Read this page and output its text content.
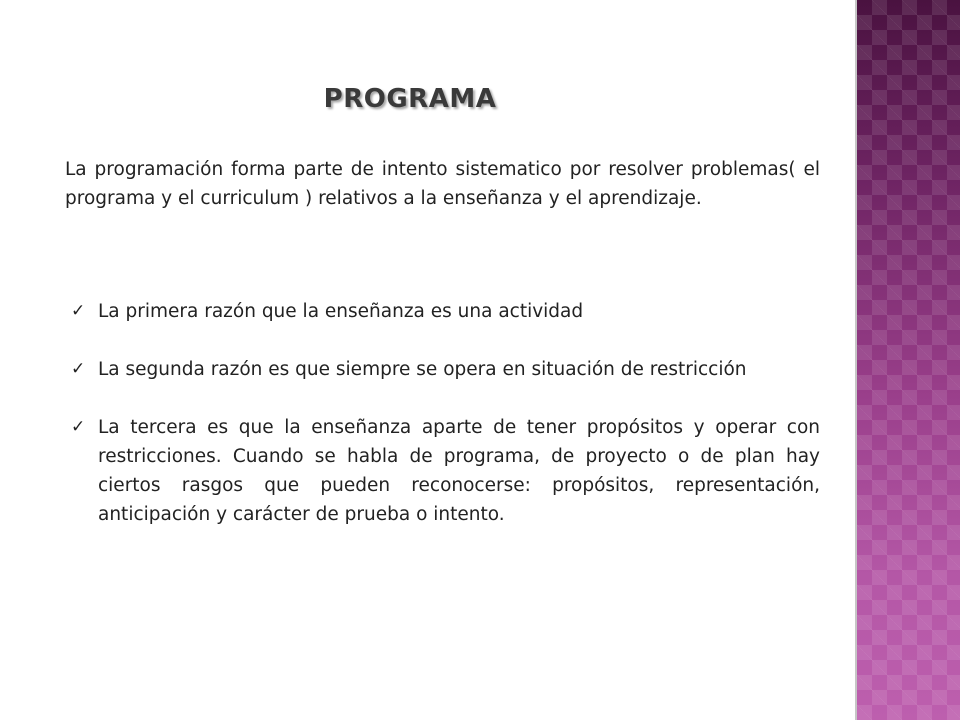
PROGRAMA
La programación forma parte de intento sistematico por resolver problemas( el programa y el curriculum ) relativos a la enseñanza y el aprendizaje.
✓ La primera razón que la enseñanza es una actividad
✓ La segunda razón es que siempre se opera en situación de restricción
✓ La tercera es que la enseñanza aparte de tener propósitos y operar con restricciones. Cuando se habla de programa, de proyecto o de plan hay ciertos rasgos que pueden reconocerse: propósitos, representación, anticipación y carácter de prueba o intento.
